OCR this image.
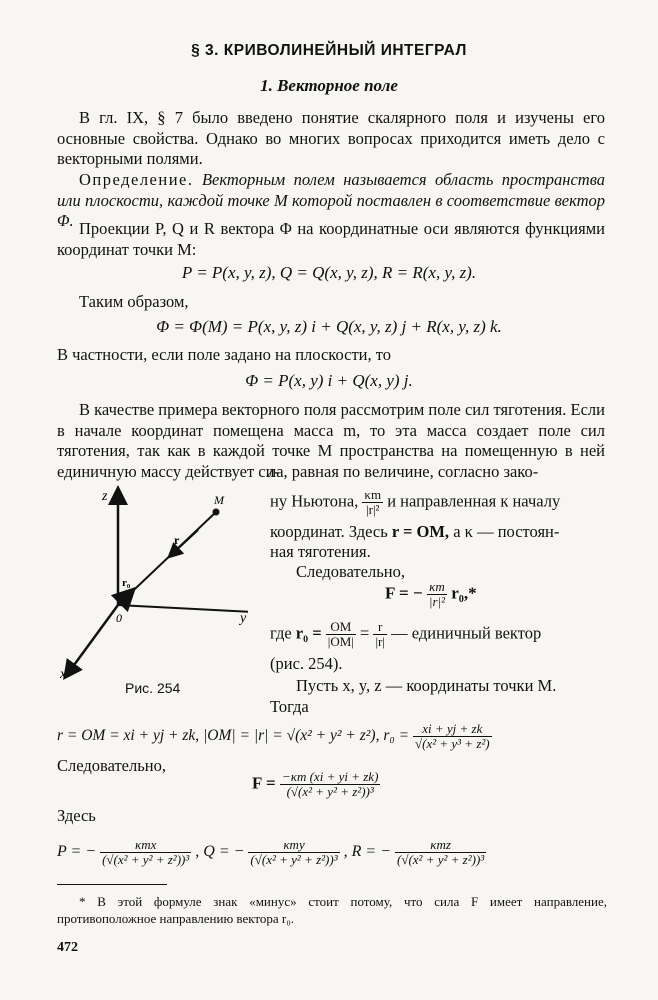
§ 3. КРИВОЛИНЕЙНЫЙ ИНТЕГРАЛ
1. Векторное поле
В гл. IX, § 7 было введено понятие скалярного поля и изучены его основные свойства. Однако во многих вопросах приходится иметь дело с векторными полями.
Определение. Векторным полем называется область пространства или плоскости, каждой точке M которой поставлен в соответствие вектор Φ. Проекции P, Q и R вектора Φ на координатные оси являются функциями координат точки M:
P = P(x, y, z), Q = Q(x, y, z), R = R(x, y, z).
Таким образом,
Φ = Φ(M) = P(x, y, z) i + Q(x, y, z) j + R(x, y, z) k.
В частности, если поле задано на плоскости, то
Φ = P(x, y) i + Q(x, y) j.
В качестве примера векторного поля рассмотрим поле сил тяготения. Если в начале координат помещена масса m, то эта масса создает поле сил тяготения, так как в каждой точке M пространства на помещенную в ней единичную массу действует си-
z
y
x
0
M
r
r₀
Рис. 254
ла, равная по величине, согласно зако-
ну Ньютона, $\frac{\kappa m}{\text{|r|²}}$ и направленная к началу
координат. Здесь r = OM, а κ — постоян-
ная тяготения.
Следовательно,
F = − $\frac{\kappa m}{\text{|r|²}} r_0,*$
где $r_0 = \frac{OM}{|OM|} = \frac{r}{|r|}$ — единичный вектор
(рис. 254).
Пусть x, y, z — координаты точки M.
Тогда
r = OM = xi + yj + zk, |OM| = |r| = √(x² + y² + z²), $r_0 = \frac{xi + yj + zk}{\text{√(x² + y³ + z²)}}$
Следовательно,
$F = \frac{-\kappa m (xi + yi + zk)}{\text{(√(x² + y² + z²))³}}$
Здесь
P = − $\frac{\text{κmx}}{\text{(√(x² + y² + z²))³}}$ , Q = − $\frac{\text{κmy}}{\text{(√(x² + y² + z²))³}}$ , R = − $\frac{\text{κmz}}{\text{(√(x² + y² + z²))³}}$
* В этой формуле знак «минус» стоит потому, что сила F имеет направление, противоположное направлению вектора r₀.
472
